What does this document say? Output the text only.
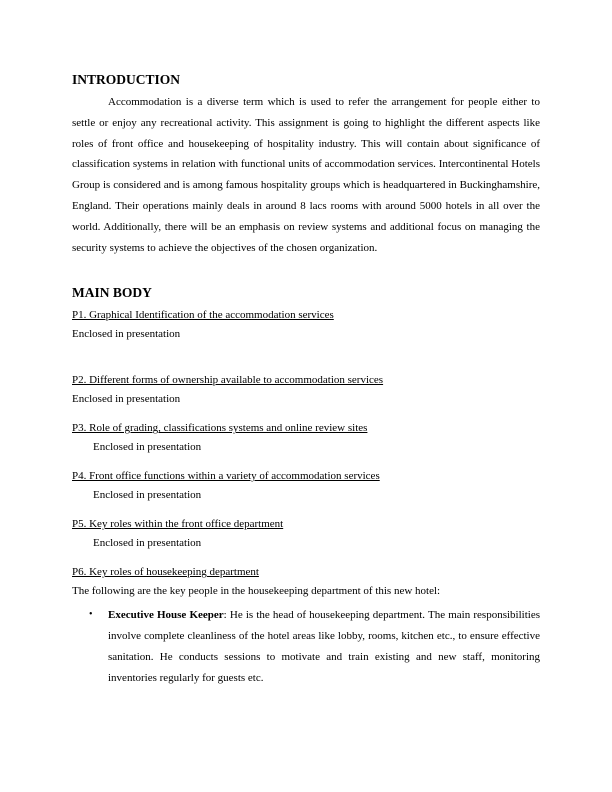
INTRODUCTION

Accommodation is a diverse term which is used to refer the arrangement for people either to settle or enjoy any recreational activity. This assignment is going to highlight the different aspects like roles of front office and housekeeping of hospitality industry. This will contain about significance of classification systems in relation with functional units of accommodation services. Intercontinental Hotels Group is considered and is among famous hospitality groups which is headquartered in Buckinghamshire, England. Their operations mainly deals in around 8 lacs rooms with around 5000 hotels in all over the world. Additionally, there will be an emphasis on review systems and additional focus on managing the security systems to achieve the objectives of the chosen organization.

MAIN BODY

P1. Graphical Identification of the accommodation services

Enclosed in presentation

P2. Different forms of ownership available to accommodation services

Enclosed in presentation

P3. Role of grading, classifications systems and online review sites

Enclosed in presentation

P4. Front office functions within a variety of accommodation services

Enclosed in presentation

P5. Key roles within the front office department

Enclosed in presentation

P6. Key roles of housekeeping department

The following are the key people in the housekeeping department of this new hotel:

• Executive House Keeper: He is the head of housekeeping department. The main responsibilities involve complete cleanliness of the hotel areas like lobby, rooms, kitchen etc., to ensure effective sanitation. He conducts sessions to motivate and train existing and new staff, monitoring inventories regularly for guests etc.
